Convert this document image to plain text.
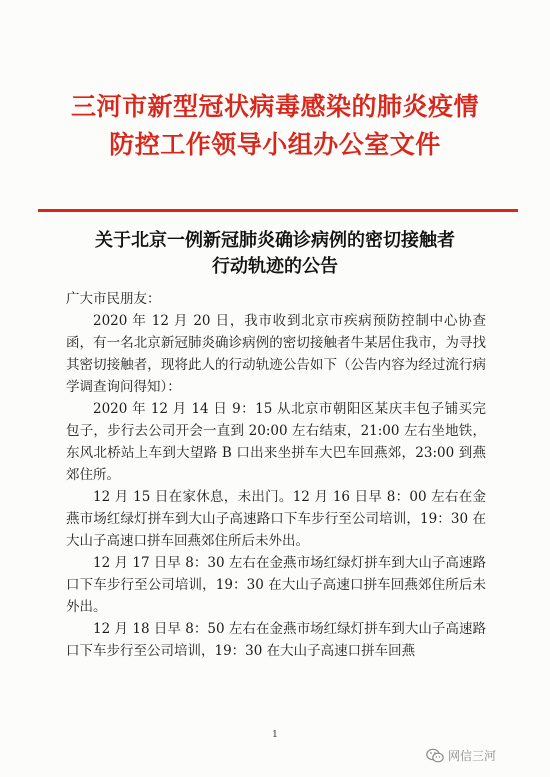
三河市新型冠状病毒感染的肺炎疫情
防控工作领导小组办公室文件
关于北京一例新冠肺炎确诊病例的密切接触者
行动轨迹的公告

广大市民朋友：

2020 年 12 月 20 日，我市收到北京市疾病预防控制中心协查函，有一名北京新冠肺炎确诊病例的密切接触者牛某居住我市，为寻找其密切接触者，现将此人的行动轨迹公告如下（公告内容为经过流行病学调查询问得知）：

2020 年 12 月 14 日 9：15 从北京市朝阳区某庆丰包子铺买完包子，步行去公司开会一直到 20:00 左右结束，21:00 左右坐地铁，东风北桥站上车到大望路 B 口出来坐拼车大巴车回燕郊，23:00 到燕郊住所。

12 月 15 日在家休息，未出门。12 月 16 日早 8：00 左右在金燕市场红绿灯拼车到大山子高速路口下车步行至公司培训，19：30 在大山子高速口拼车回燕郊住所后未外出。

12 月 17 日早 8：30 左右在金燕市场红绿灯拼车到大山子高速路口下车步行至公司培训，19：30 在大山子高速口拼车回燕郊住所后未外出。

12 月 18 日早 8：50 左右在金燕市场红绿灯拼车到大山子高速路口下车步行至公司培训，19：30 在大山子高速口拼车回燕

1
网信三河
